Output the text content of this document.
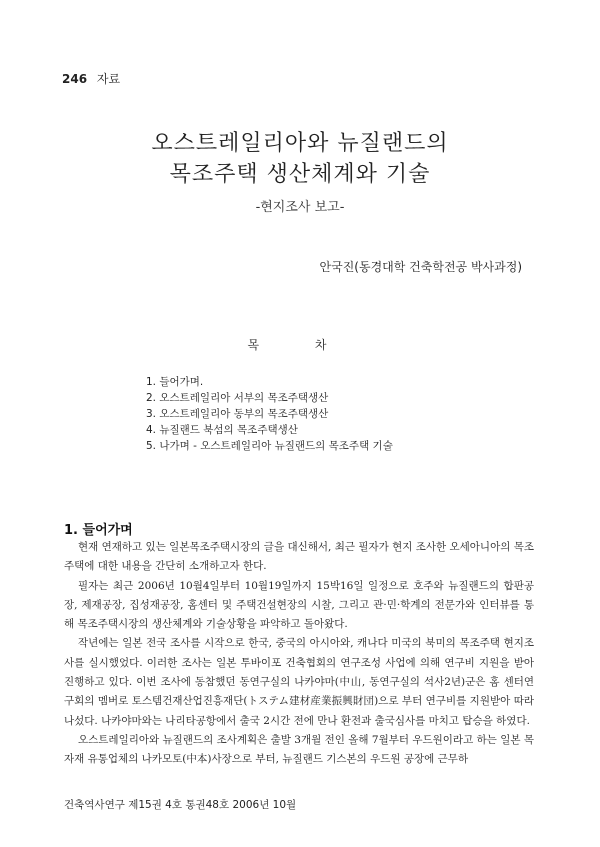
246 자료
오스트레일리아와 뉴질랜드의
목조주택 생산체계와 기술
-현지조사 보고-
안국진(동경대학 건축학전공 박사과정)
목 차
1. 들어가며.
2. 오스트레일리아 서부의 목조주택생산
3. 오스트레일리아 동부의 목조주택생산
4. 뉴질랜드 북섬의 목조주택생산
5. 나가며 - 오스트레일리아 뉴질랜드의 목조주택 기술
1. 들어가며

현재 연재하고 있는 일본목조주택시장의 글을 대신해서, 최근 필자가 현지 조사한 오세아니아의 목조주택에 대한 내용을 간단히 소개하고자 한다.

필자는 최근 2006년 10월4일부터 10월19일까지 15박16일 일정으로 호주와 뉴질랜드의 합판공장, 제재공장, 집성재공장, 홈센터 및 주택건설현장의 시찰, 그리고 관·민·학계의 전문가와 인터뷰를 통해 목조주택시장의 생산체계와 기술상황을 파악하고 돌아왔다.

작년에는 일본 전국 조사를 시작으로 한국, 중국의 아시아와, 캐나다 미국의 북미의 목조주택 현지조사를 실시했었다. 이러한 조사는 일본 투바이포 건축협회의 연구조성 사업에 의해 연구비 지원을 받아 진행하고 있다. 이번 조사에 동참했던 동연구실의 나카야마(中山, 동연구실의 석사2년)군은 홈 센터연구회의 멤버로 토스템건재산업진흥재단(トステム建材産業振興財団)으로 부터 연구비를 지원받아 따라 나섰다. 나카야마와는 나리타공항에서 출국 2시간 전에 만나 환전과 출국심사를 마치고 탑승을 하였다.

오스트레일리아와 뉴질랜드의 조사계획은 출발 3개월 전인 올해 7월부터 우드원이라고 하는 일본 목자재 유통업체의 나카모토(中本)사장으로 부터, 뉴질랜드 기스본의 우드원 공장에 근무하

건축역사연구 제15권 4호 통권48호 2006년 10월
